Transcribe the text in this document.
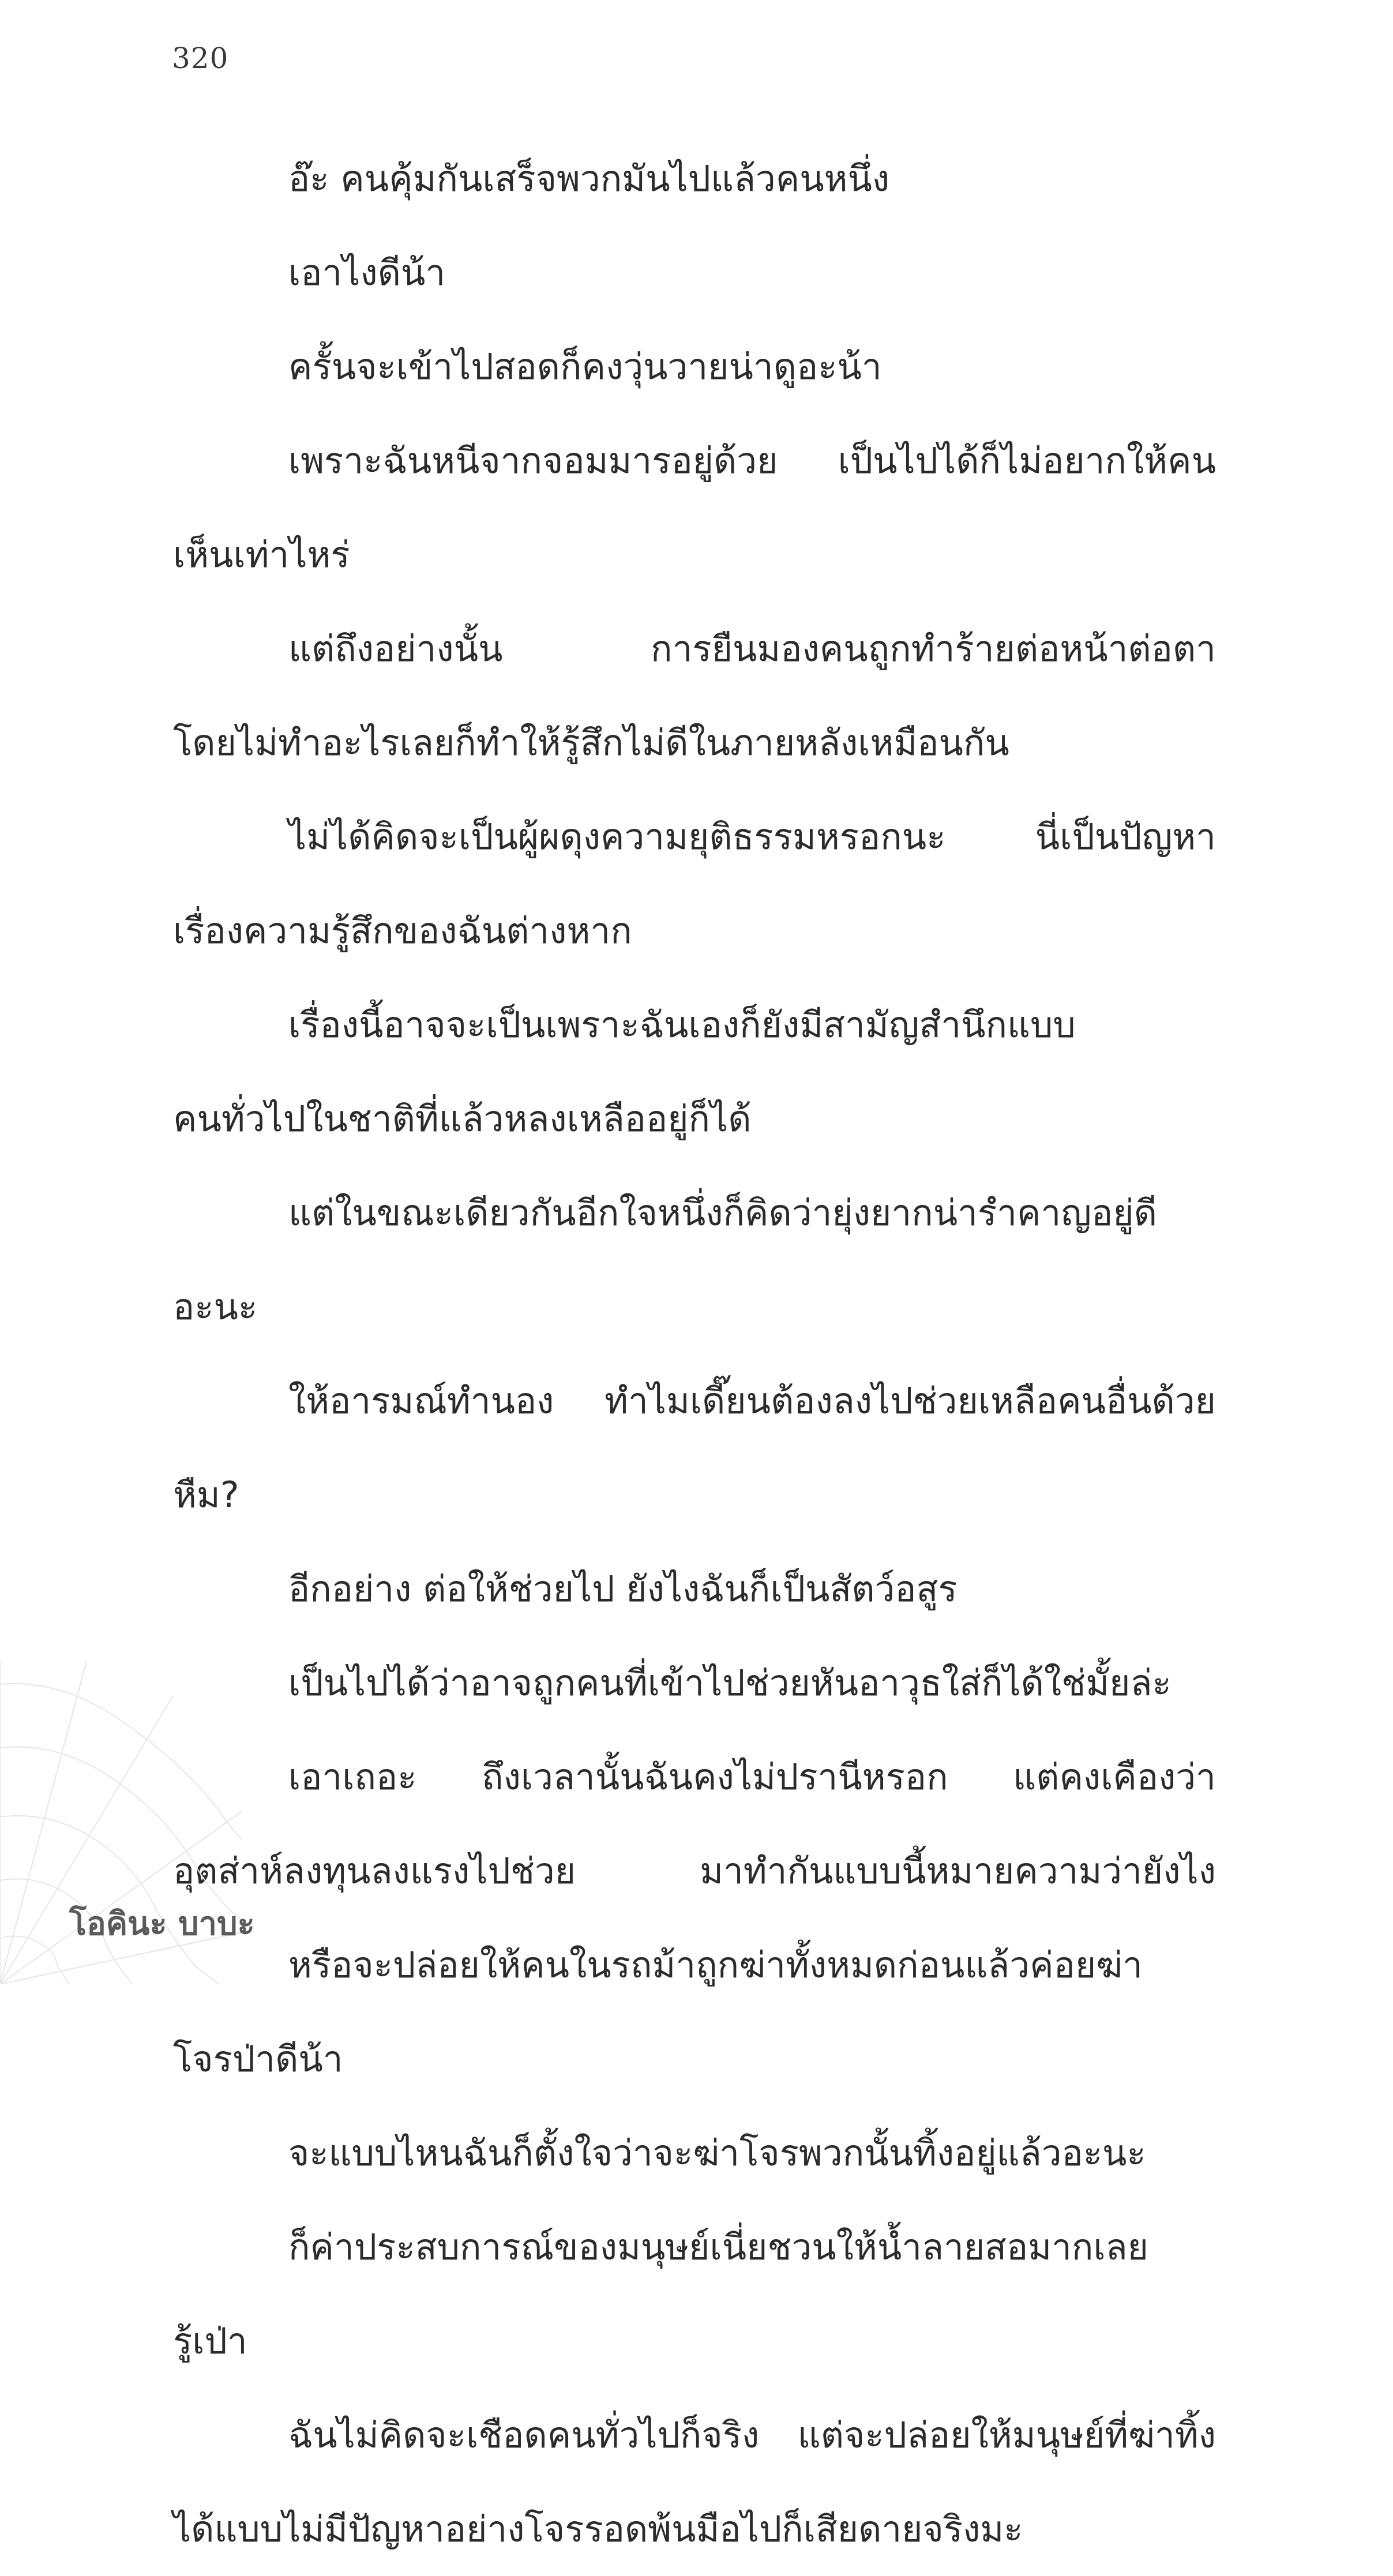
320
อ๊ะ คนคุ้มกันเสร็จพวกมันไปแล้วคนหนึ่ง
เอาไงดีน้า
ครั้นจะเข้าไปสอดก็คงวุ่นวายน่าดูอะน้า
เพราะฉันหนีจากจอมมารอยู่ด้วย เป็นไปได้ก็ไม่อยากให้คน
เห็นเท่าไหร่
แต่ถึงอย่างนั้น การยืนมองคนถูกทำร้ายต่อหน้าต่อตา
โดยไม่ทำอะไรเลยก็ทำให้รู้สึกไม่ดีในภายหลังเหมือนกัน
ไม่ได้คิดจะเป็นผู้ผดุงความยุติธรรมหรอกนะ นี่เป็นปัญหา
เรื่องความรู้สึกของฉันต่างหาก
เรื่องนี้อาจจะเป็นเพราะฉันเองก็ยังมีสามัญสำนึกแบบ
คนทั่วไปในชาติที่แล้วหลงเหลืออยู่ก็ได้
แต่ในขณะเดียวกันอีกใจหนึ่งก็คิดว่ายุ่งยากน่ารำคาญอยู่ดี
อะนะ
ให้อารมณ์ทำนอง ทำไมเดี๊ยนต้องลงไปช่วยเหลือคนอื่นด้วย
หืม?
อีกอย่าง ต่อให้ช่วยไป ยังไงฉันก็เป็นสัตว์อสูร
เป็นไปได้ว่าอาจถูกคนที่เข้าไปช่วยหันอาวุธใส่ก็ได้ใช่มั้ยล่ะ
เอาเถอะ ถึงเวลานั้นฉันคงไม่ปรานีหรอก แต่คงเคืองว่า
อุตส่าห์ลงทุนลงแรงไปช่วย มาทำกันแบบนี้หมายความว่ายังไง
หรือจะปล่อยให้คนในรถม้าถูกฆ่าทั้งหมดก่อนแล้วค่อยฆ่า
โจรป่าดีน้า
จะแบบไหนฉันก็ตั้งใจว่าจะฆ่าโจรพวกนั้นทิ้งอยู่แล้วอะนะ
ก็ค่าประสบการณ์ของมนุษย์เนี่ยชวนให้น้ำลายสอมากเลย
รู้เป่า
ฉันไม่คิดจะเชือดคนทั่วไปก็จริง แต่จะปล่อยให้มนุษย์ที่ฆ่าทิ้ง
ได้แบบไม่มีปัญหาอย่างโจรรอดพ้นมือไปก็เสียดายจริงมะ
โอคินะ บาบะ
